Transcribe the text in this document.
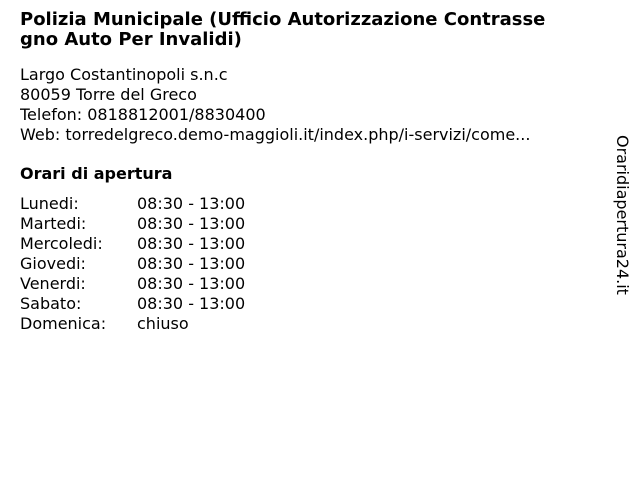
Polizia Municipale (Ufficio Autorizzazione Contrasse
gno Auto Per Invalidi)
Largo Costantinopoli s.n.c
80059 Torre del Greco
Telefon: 0818812001/8830400
Web: torredelgreco.demo-maggioli.it/index.php/i-servizi/come...
Orari di apertura
Lunedi:	08:30 - 13:00
Martedi:	08:30 - 13:00
Mercoledi:	08:30 - 13:00
Giovedi:	08:30 - 13:00
Venerdi:	08:30 - 13:00
Sabato:	08:30 - 13:00
Domenica:	chiuso
Oraridiapertura24.it
